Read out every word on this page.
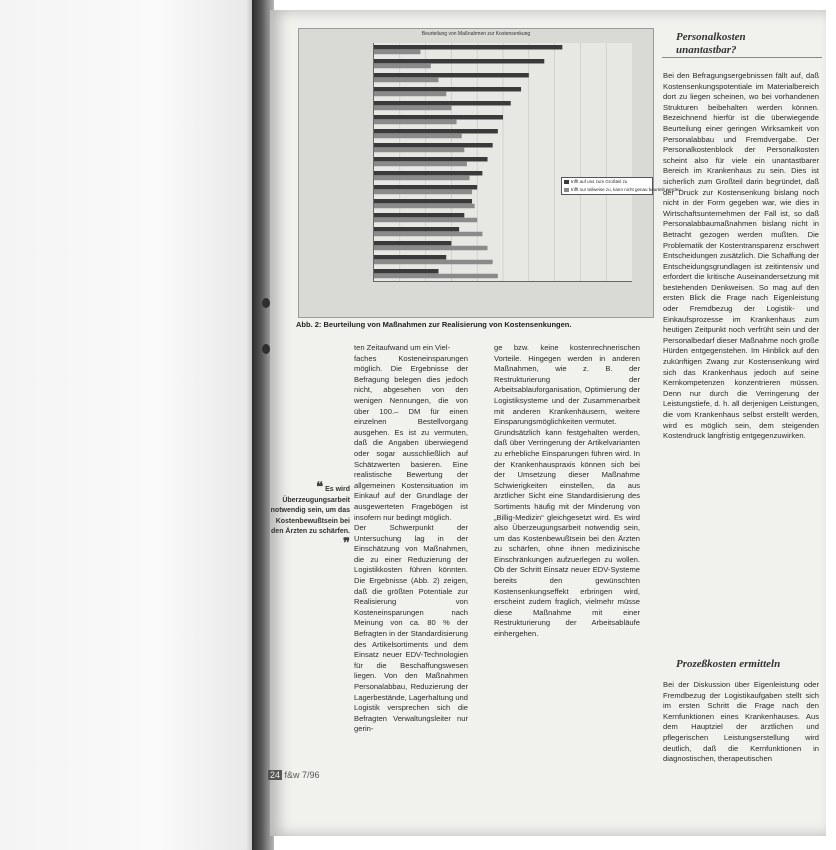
Beurteilung von Maßnahmen zur Kostensenkung
trifft auf uns zum Großteil zu
trifft nur teilweise zu, kann nicht genau beurteilt werden
Abb. 2: Beurteilung von Maßnahmen zur Realisierung von Kostensenkungen.
❝ Es wird Überzeugungsarbeit notwendig sein, um das Kostenbewußtsein bei den Ärzten zu schärfen. ❞
ten Zeitaufwand um ein Viel-
faches Kosteneinsparungen möglich. Die Ergebnisse der Befragung belegen dies jedoch nicht, abgesehen von den wenigen Nennungen, die von über 100.– DM für einen einzelnen Bestellvorgang ausgehen. Es ist zu vermuten, daß die Angaben überwiegend oder sogar ausschließlich auf Schätzwerten basieren. Eine realistische Bewertung der allgemeinen Kostensituation im Einkauf auf der Grundlage der ausgewerteten Fragebögen ist insofern nur bedingt möglich.
Der Schwerpunkt der Untersuchung lag in der Einschätzung von Maßnahmen, die zu einer Reduzierung der Logistikkosten führen könnten. Die Ergebnisse (Abb. 2) zeigen, daß die größten Potentiale zur Realisierung von Kosteneinsparungen nach Meinung von ca. 80 % der Befragten in der Standardisierung des Artikelsortiments und dem Einsatz neuer EDV-Technologien für die Beschaffungswesen liegen. Von den Maßnahmen Personalabbau, Reduzierung der Lagerbestände, Lagerhaltung und Logistik versprechen sich die Befragten Verwaltungsleiter nur gerin-
ge bzw. keine kostenrechnerischen Vorteile. Hingegen werden in anderen Maßnahmen, wie z. B. der Restrukturierung der Arbeitsablauforganisation, Optimierung der Logistiksysteme und der Zusammenarbeit mit anderen Krankenhäusern, weitere Einsparungsmöglichkeiten vermutet.
Grundsätzlich kann festgehalten werden, daß über Verringerung der Artikelvarianten zu erhebliche Einsparungen führen wird. In der Krankenhauspraxis können sich bei der Umsetzung dieser Maßnahme Schwierigkeiten einstellen, da aus ärztlicher Sicht eine Standardisierung des Sortiments häufig mit der Minderung von „Billig-Medizin“ gleichgesetzt wird. Es wird also Überzeugungsarbeit notwendig sein, um das Kostenbewußtsein bei den Ärzten zu schärfen, ohne ihnen medizinische Einschränkungen aufzuerlegen zu wollen. Ob der Schritt Einsatz neuer EDV-Systeme bereits den gewünschten Kostensenkungseffekt erbringen wird, erscheint zudem fraglich, vielmehr müsse diese Maßnahme mit einer Restrukturierung der Arbeitsabläufe einhergehen.
Personalkosten
unantastbar?
Bei den Befragungsergebnissen fällt auf, daß Kostensenkungspotentiale im Materialbereich dort zu liegen scheinen, wo bei vorhandenen Strukturen beibehalten werden können. Bezeichnend hierfür ist die überwiegende Beurteilung einer geringen Wirksamkeit von Personalabbau und Fremdvergabe. Der Personalkostenblock der Personalkosten scheint also für viele ein unantastbarer Bereich im Krankenhaus zu sein. Dies ist sicherlich zum Großteil darin begründet, daß der Druck zur Kostensenkung bislang noch nicht in der Form gegeben war, wie dies in Wirtschaftsunternehmen der Fall ist, so daß Personalabbaumaßnahmen bislang nicht in Betracht gezogen werden mußten. Die Problematik der Kostentransparenz erschwert Entscheidungen zusätzlich. Die Schaffung der Entscheidungsgrundlagen ist zeitintensiv und erfordert die kritische Auseinandersetzung mit bestehenden Denkweisen. So mag auf den ersten Blick die Frage nach Eigenleistung oder Fremdbezug der Logistik- und Einkaufsprozesse im Krankenhaus zum heutigen Zeitpunkt noch verfrüht sein und der Personalbedarf dieser Maßnahme noch große Hürden entgegenstehen. Im Hinblick auf den zukünftigen Zwang zur Kostensenkung wird sich das Krankenhaus jedoch auf seine Kernkompetenzen konzentrieren müssen. Denn nur durch die Verringerung der Leistungstiefe, d. h. all derjenigen Leistungen, die vom Krankenhaus selbst erstellt werden, wird es möglich sein, dem steigenden Kostendruck langfristig entgegenzuwirken.
Prozeßkosten ermitteln
Bei der Diskussion über Eigenleistung oder Fremdbezug der Logistikaufgaben stellt sich im ersten Schritt die Frage nach den Kernfunktionen eines Krankenhauses. Aus dem Hauptziel der ärztlichen und pflegerischen Leistungserstellung wird deutlich, daß die Kernfunktionen in diagnostischen, therapeutischen
24 f&w 7/96
